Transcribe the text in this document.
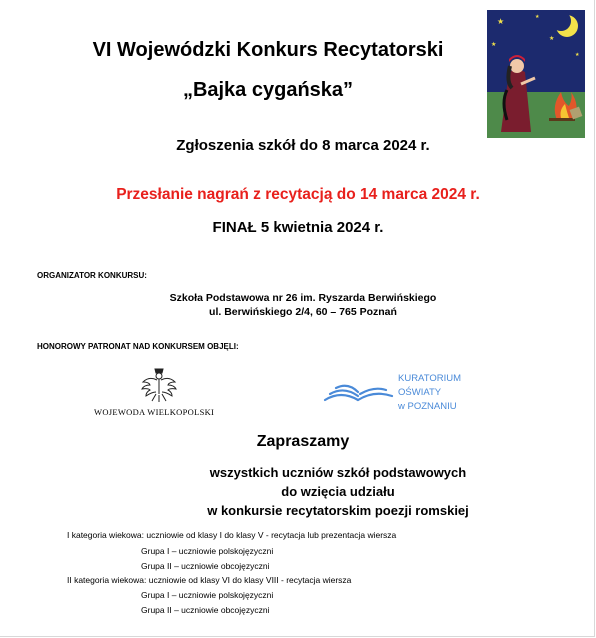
VI Wojewódzki Konkurs Recytatorski
„Bajka cygańska”
★
★
★
★
★
Zgłoszenia szkół do 8 marca 2024 r.
Przesłanie nagrań z recytacją do 14 marca 2024 r.
FINAŁ 5 kwietnia 2024 r.
ORGANIZATOR KONKURSU:
Szkoła Podstawowa nr 26 im. Ryszarda Berwińskiego
ul. Berwińskiego 2/4, 60 – 765 Poznań
HONOROWY PATRONAT NAD KONKURSEM OBJĘLI:
WOJEWODA WIELKOPOLSKI
KURATORIUM
OŚWIATY
w POZNANIU
Zapraszamy
wszystkich uczniów szkół podstawowych
do wzięcia udziału
w konkursie recytatorskim poezji romskiej
I kategoria wiekowa: uczniowie od klasy I do klasy V - recytacja lub prezentacja wiersza
Grupa I – uczniowie polskojęzyczni
Grupa II – uczniowie obcojęzyczni
II kategoria wiekowa: uczniowie od klasy VI do klasy VIII - recytacja wiersza
Grupa I – uczniowie polskojęzyczni
Grupa II – uczniowie obcojęzyczni
